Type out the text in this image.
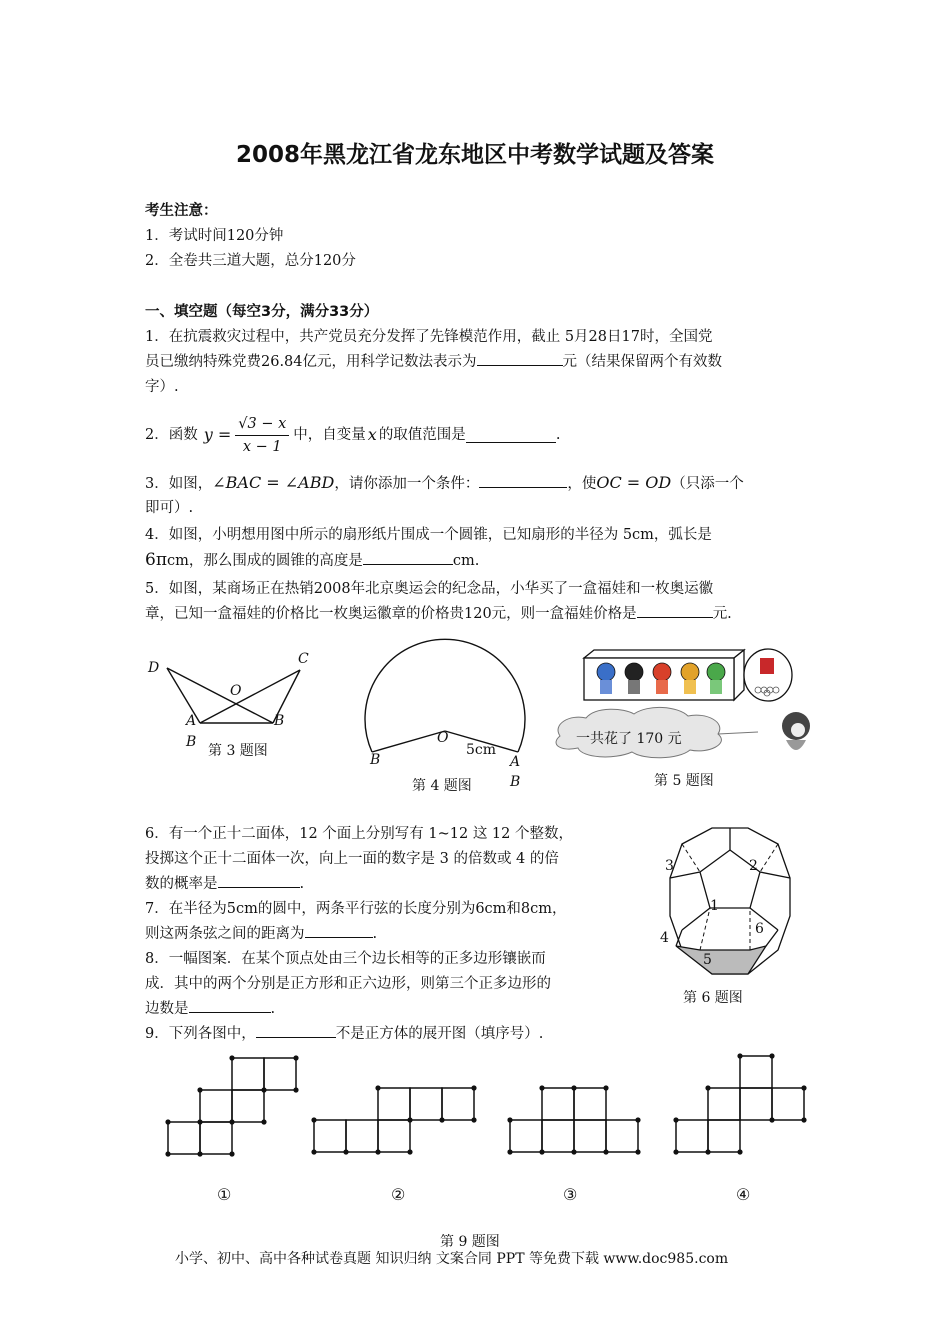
2008年黑龙江省龙东地区中考数学试题及答案
考生注意：
1．考试时间120分钟
2．全卷共三道大题，总分120分
一、填空题（每空3分，满分33分）
1．在抗震救灾过程中，共产党员充分发挥了先锋模范作用，截止 5月28日17时，全国党
员已缴纳特殊党费26.84亿元，用科学记数法表示为	元（结果保留两个有效数
字）.
2．函数 $y = \frac{√3 - x}{x - 1}$ 中，自变量 x 的取值范围是	.
3．如图，∠BAC = ∠ABD，请你添加一个条件：	，使OC = OD（只添一个
即可）.
4．如图，小明想用图中所示的扇形纸片围成一个圆锥，已知扇形的半径为 5cm，弧长是
6πcm，那么围成的圆锥的高度是	cm.
5．如图，某商场正在热销2008年北京奥运会的纪念品，小华买了一盒福娃和一枚奥运徽
章，已知一盒福娃的价格比一枚奥运徽章的价格贵120元，则一盒福娃价格是	元.
D
C
O
A	B
B
第 3 题图
O
5cm
B	A
B
第 4 题图
一共花了 170 元
第 5 题图
6．有一个正十二面体，12 个面上分别写有 1~12 这 12 个整数，
投掷这个正十二面体一次，向上一面的数字是 3 的倍数或 4 的倍
数的概率是	.
7．在半径为5cm的圆中，两条平行弦的长度分别为6cm和8cm，
则这两条弦之间的距离为	.
8．一幅图案．在某个顶点处由三个边长相等的正多边形镶嵌而
成．其中的两个分别是正方形和正六边形，则第三个正多边形的
边数是	.
3	2
1
4
6
5
第 6 题图
9．下列各图中，	不是正方体的展开图（填序号）.
①	②	③	④
第 9 题图
小学、初中、高中各种试卷真题 知识归纳 文案合同 PPT 等免费下载 www.doc985.com
